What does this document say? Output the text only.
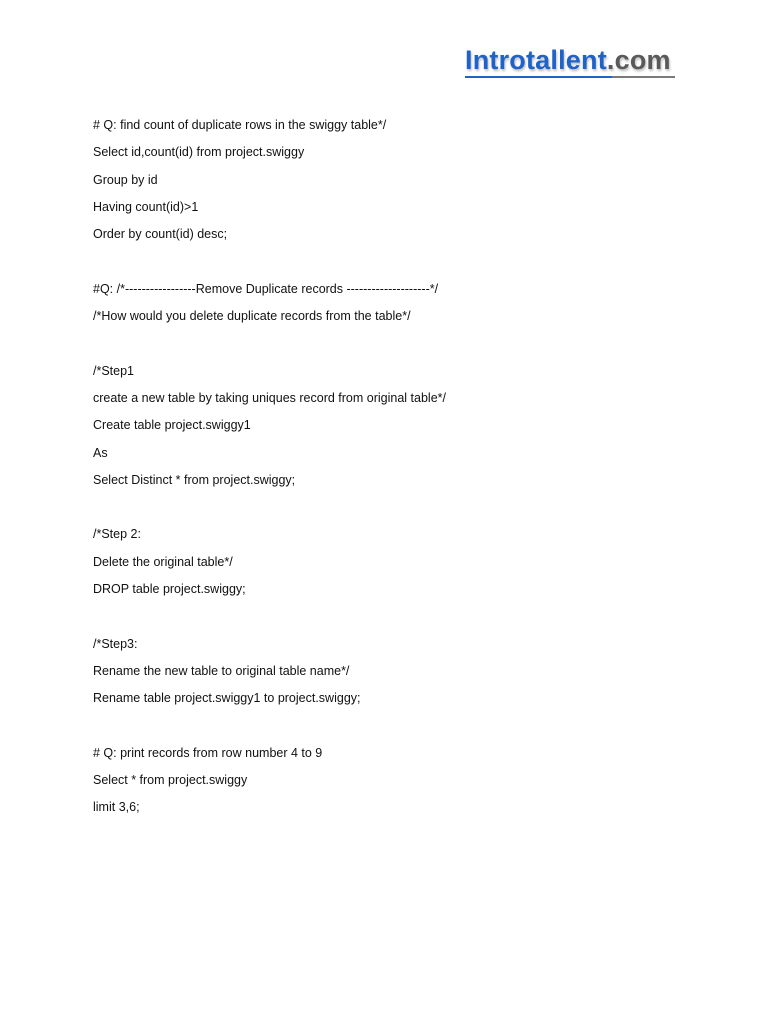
Introtallent.com

# Q: find count of duplicate rows in the swiggy table*/

Select id,count(id) from project.swiggy

Group by id

Having count(id)>1

Order by count(id) desc;

#Q: /*-----------------Remove Duplicate records --------------------*/

/*How would you delete duplicate records from the table*/

/*Step1

create a new table by taking uniques record from original table*/

Create table project.swiggy1

As

Select Distinct * from project.swiggy;

/*Step 2:

Delete the original table*/

DROP table project.swiggy;

/*Step3:

Rename the new table to original table name*/

Rename table project.swiggy1 to project.swiggy;

# Q: print records from row number 4 to 9

Select * from project.swiggy

limit 3,6;
